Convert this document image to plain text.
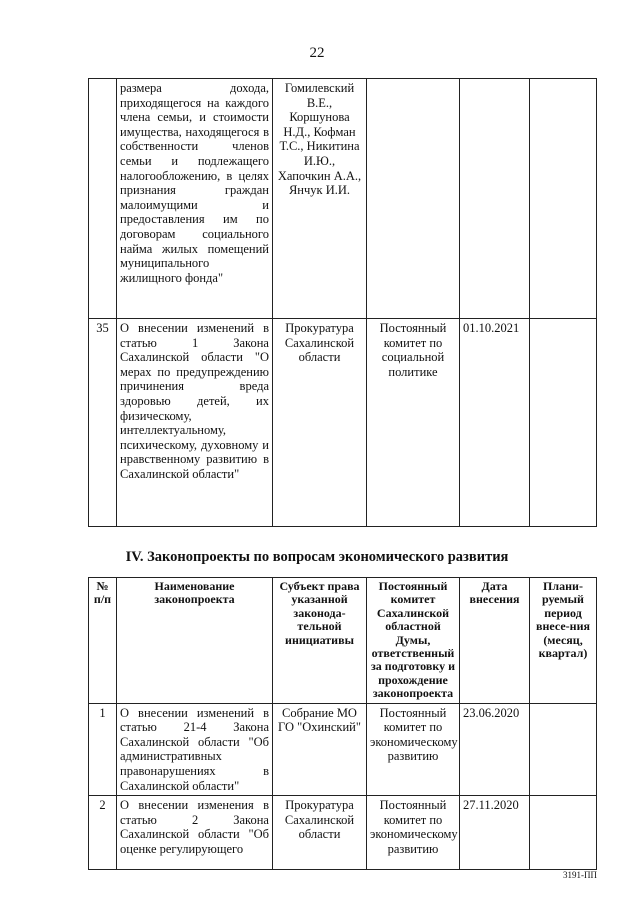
22
	размера дохода, приходящегося на каждого члена семьи, и стоимости имущества, находящегося в собственности членов семьи и подлежащего налогообложению, в целях признания граждан малоимущими и предоставления им по договорам социального найма жилых помещений муниципального жилищного фонда"	Гомилевский В.Е., Коршунова Н.Д., Кофман Т.С., Никитина И.Ю., Хапочкин А.А., Янчук И.И.			
35	О внесении изменений в статью 1 Закона Сахалинской области "О мерах по предупреждению причинения вреда здоровью детей, их физическому, интеллектуальному, психическому, духовному и нравственному развитию в Сахалинской области"	Прокуратура Сахалинской области	Постоянный комитет по социальной политике	01.10.2021	
IV. Законопроекты по вопросам экономического развития
№ п/п	Наименование законопроекта	Субъект права указанной законода-тельной инициативы	Постоянный комитет Сахалинской областной Думы, ответственный за подготовку и прохождение законопроекта	Дата внесения	Плани-руемый период внесе-ния (месяц, квартал)
1	О внесении изменений в статью 21-4 Закона Сахалинской области "Об административных правонарушениях в Сахалинской области"	Собрание МО ГО "Охинский"	Постоянный комитет по экономическому развитию	23.06.2020	
2	О внесении изменения в статью 2 Закона Сахалинской области "Об оценке регулирующего	Прокуратура Сахалинской области	Постоянный комитет по экономическому развитию	27.11.2020	
3191-ПП
